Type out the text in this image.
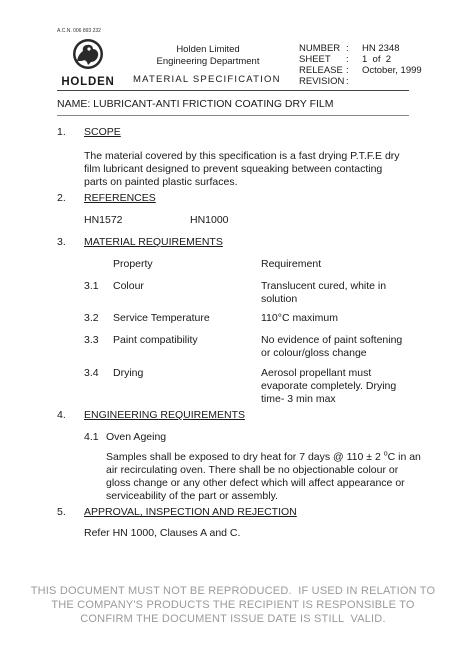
A.C.N. 006 893 232
HOLDEN
Holden Limited
Engineering Department
MATERIAL SPECIFICATION
NUMBER : HN 2348
SHEET : 1  of  2
RELEASE : October, 1999
REVISION :
NAME: LUBRICANT-ANTI FRICTION COATING DRY FILM
1. SCOPE
The material covered by this specification is a fast drying P.T.F.E dry film lubricant designed to prevent squeaking between contacting parts on painted plastic surfaces.
2. REFERENCES
HN1572	HN1000
3. MATERIAL REQUIREMENTS
Property	Requirement
3.1 Colour	Translucent cured, white in solution
3.2 Service Temperature	110°C maximum
3.3 Paint compatibility	No evidence of paint softening or colour/gloss change
3.4 Drying	Aerosol propellant must evaporate completely. Drying time- 3 min max
4. ENGINEERING REQUIREMENTS
4.1 Oven Ageing
Samples shall be exposed to dry heat for 7 days @ 110 ± 2 $^o$C in an air recirculating oven. There shall be no objectionable colour or gloss change or any other defect which will affect appearance or serviceability of the part or assembly.
5. APPROVAL, INSPECTION AND REJECTION
Refer HN 1000, Clauses A and C.
THIS DOCUMENT MUST NOT BE REPRODUCED.  IF USED IN RELATION TO
THE COMPANY'S PRODUCTS THE RECIPIENT IS RESPONSIBLE TO
CONFIRM THE DOCUMENT ISSUE DATE IS STILL  VALID.
